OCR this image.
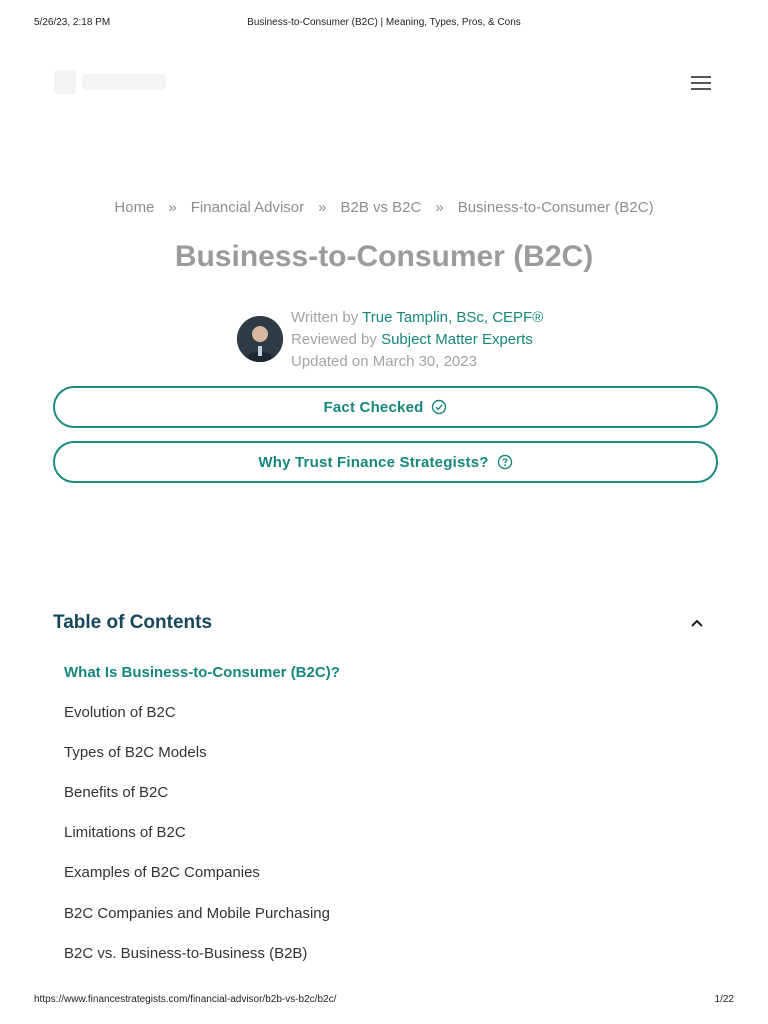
5/26/23, 2:18 PM	Business-to-Consumer (B2C) | Meaning, Types, Pros, & Cons
Home » Financial Advisor » B2B vs B2C » Business-to-Consumer (B2C)
Business-to-Consumer (B2C)
Written by True Tamplin, BSc, CEPF®
Reviewed by Subject Matter Experts
Updated on March 30, 2023
Fact Checked
Why Trust Finance Strategists?
Table of Contents
What Is Business-to-Consumer (B2C)?
Evolution of B2C
Types of B2C Models
Benefits of B2C
Limitations of B2C
Examples of B2C Companies
B2C Companies and Mobile Purchasing
B2C vs. Business-to-Business (B2B)
https://www.financestrategists.com/financial-advisor/b2b-vs-b2c/b2c/	1/22
